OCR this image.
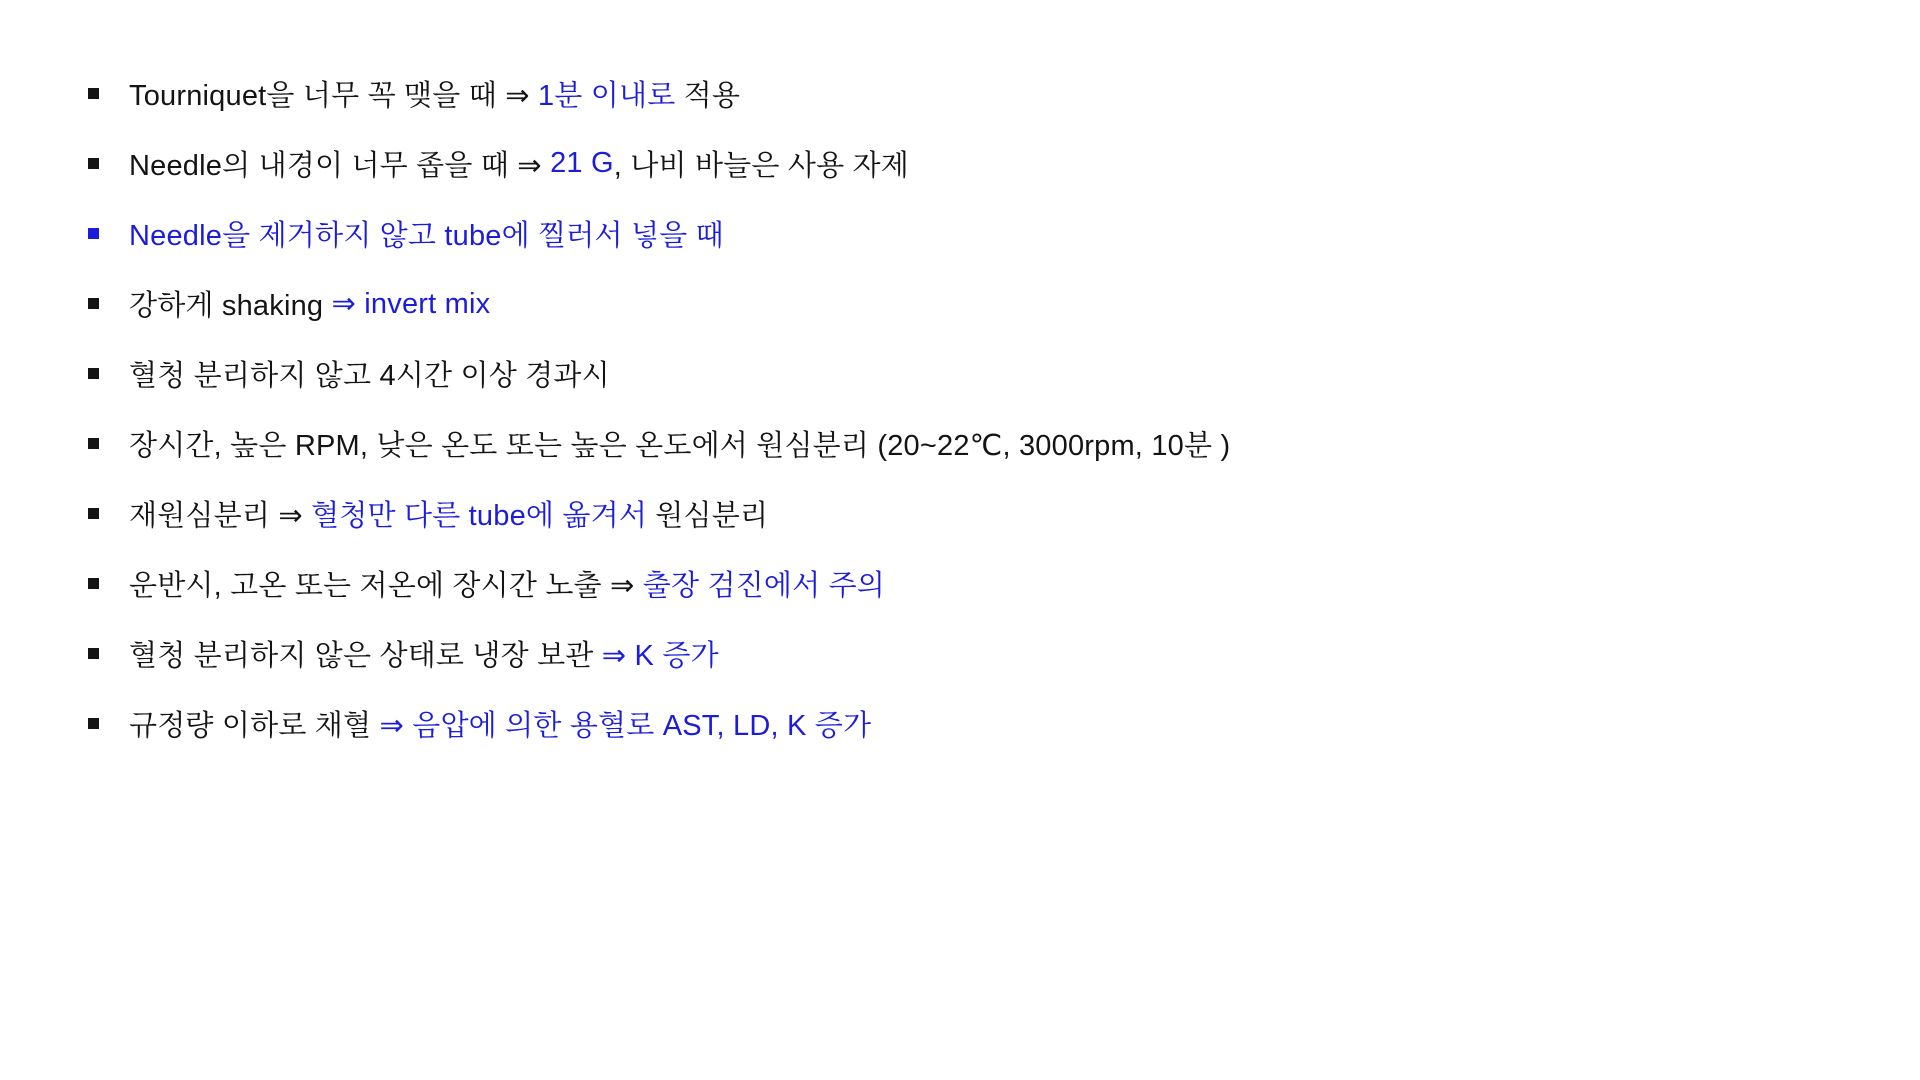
Tourniquet을 너무 꼭 맺을 때 ⇒ 1분 이내로 적용
Needle의 내경이 너무 좁을 때 ⇒ 21 G , 나비 바늘은 사용 자제
Needle을 제거하지 않고 tube에 찔러서 넣을 때
강하게 shaking ⇒ invert mix
혈청 분리하지 않고 4시간 이상 경과시
장시간, 높은 RPM, 낮은 온도 또는 높은 온도에서 원심분리 (20~22℃, 3000rpm, 10분 )
재원심분리 ⇒ 혈청만 다른 tube에 옮겨서 원심분리
운반시, 고온 또는 저온에 장시간 노출 ⇒ 출장 검진에서 주의
혈청 분리하지 않은 상태로 냉장 보관 ⇒ K 증가
규정량 이하로 채혈 ⇒ 음압에 의한 용혈로 AST, LD, K 증가
